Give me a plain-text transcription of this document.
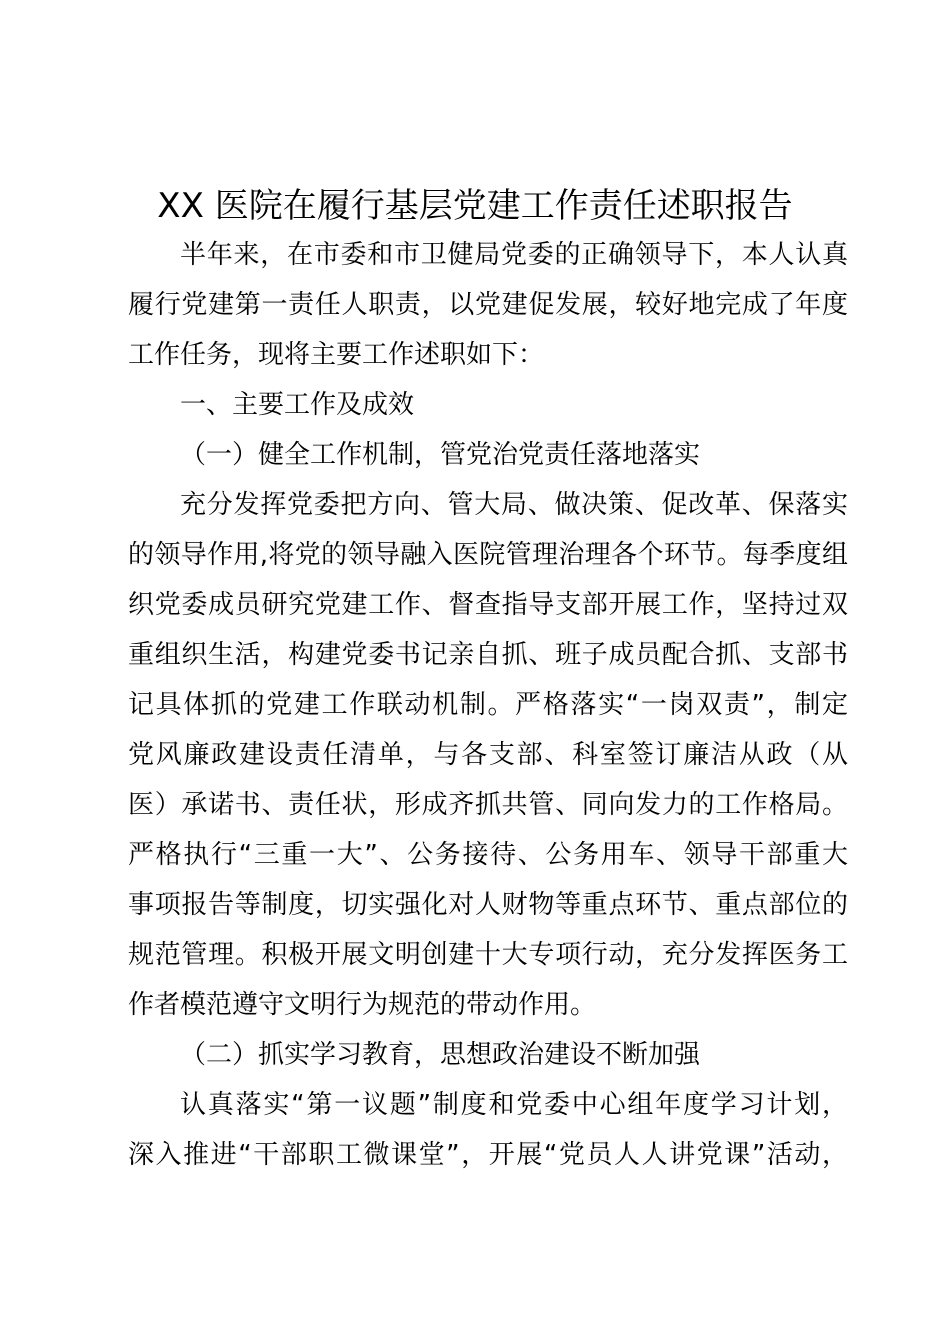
XX 医院在履行基层党建工作责任述职报告
半年来，在市委和市卫健局党委的正确领导下，本人认真
履行党建第一责任人职责，以党建促发展，较好地完成了年度
工作任务，现将主要工作述职如下：
一、主要工作及成效
（一）健全工作机制，管党治党责任落地落实
充分发挥党委把方向、管大局、做决策、促改革、保落实
的领导作用,将党的领导融入医院管理治理各个环节。每季度组
织党委成员研究党建工作、督查指导支部开展工作，坚持过双
重组织生活，构建党委书记亲自抓、班子成员配合抓、支部书
记具体抓的党建工作联动机制。严格落实“一岗双责”，制定
党风廉政建设责任清单，与各支部、科室签订廉洁从政（从
医）承诺书、责任状，形成齐抓共管、同向发力的工作格局。
严格执行“三重一大”、公务接待、公务用车、领导干部重大
事项报告等制度，切实强化对人财物等重点环节、重点部位的
规范管理。积极开展文明创建十大专项行动，充分发挥医务工
作者模范遵守文明行为规范的带动作用。
（二）抓实学习教育，思想政治建设不断加强
认真落实“第一议题”制度和党委中心组年度学习计划，
深入推进“干部职工微课堂”，开展“党员人人讲党课”活动，
